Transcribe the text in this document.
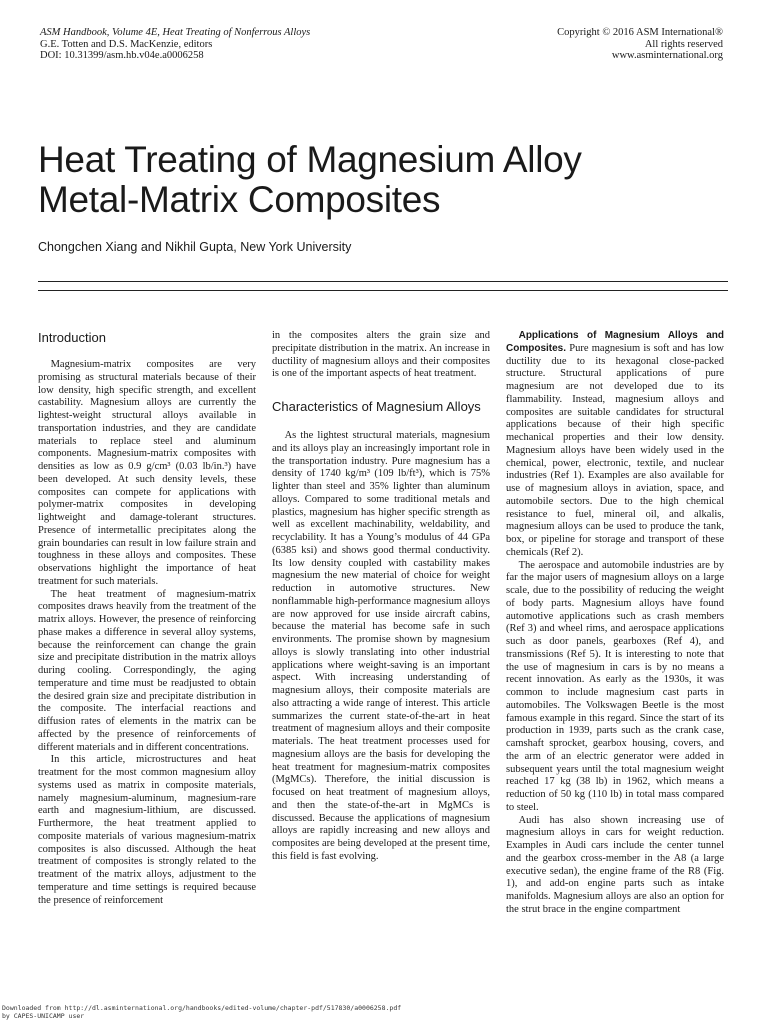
ASM Handbook, Volume 4E, Heat Treating of Nonferrous Alloys
G.E. Totten and D.S. MacKenzie, editors
DOI: 10.31399/asm.hb.v04e.a0006258
Copyright © 2016 ASM International®
All rights reserved
www.asminternational.org
Heat Treating of Magnesium Alloy
Metal-Matrix Composites
Chongchen Xiang and Nikhil Gupta, New York University
Introduction

Magnesium-matrix composites are very promising as structural materials because of their low density, high specific strength, and excellent castability. Magnesium alloys are currently the lightest-weight structural alloys available in transportation industries, and they are candidate materials to replace steel and aluminum components. Magnesium-matrix composites with densities as low as 0.9 g/cm³ (0.03 lb/in.³) have been developed. At such density levels, these composites can compete for applications with polymer-matrix composites in developing lightweight and damage-tolerant structures. Presence of intermetallic precipitates along the grain boundaries can result in low failure strain and toughness in these alloys and composites. These observations highlight the importance of heat treatment for such materials.

The heat treatment of magnesium-matrix composites draws heavily from the treatment of the matrix alloys. However, the presence of reinforcing phase makes a difference in several alloy systems, because the reinforcement can change the grain size and precipitate distribution in the matrix alloys during cooling. Correspondingly, the aging temperature and time must be readjusted to obtain the desired grain size and precipitate distribution in the composite. The interfacial reactions and diffusion rates of elements in the matrix can be affected by the presence of reinforcements of different materials and in different concentrations.

In this article, microstructures and heat treatment for the most common magnesium alloy systems used as matrix in composite materials, namely magnesium-aluminum, magnesium-rare earth and magnesium-lithium, are discussed. Furthermore, the heat treatment applied to composite materials of various magnesium-matrix composites is also discussed. Although the heat treatment of composites is strongly related to the treatment of the matrix alloys, adjustment to the temperature and time settings is required because the presence of reinforcement

in the composites alters the grain size and precipitate distribution in the matrix. An increase in ductility of magnesium alloys and their composites is one of the important aspects of heat treatment.

Characteristics of Magnesium Alloys

As the lightest structural materials, magnesium and its alloys play an increasingly important role in the transportation industry. Pure magnesium has a density of 1740 kg/m³ (109 lb/ft³), which is 75% lighter than steel and 35% lighter than aluminum alloys. Compared to some traditional metals and plastics, magnesium has higher specific strength as well as excellent machinability, weldability, and recyclability. It has a Young’s modulus of 44 GPa (6385 ksi) and shows good thermal conductivity. Its low density coupled with castability makes magnesium the new material of choice for weight reduction in automotive structures. New nonflammable high-performance magnesium alloys are now approved for use inside aircraft cabins, because the material has become safe in such environments. The promise shown by magnesium alloys is slowly translating into other industrial applications where weight-saving is an important aspect. With increasing understanding of magnesium alloys, their composite materials are also attracting a wide range of interest. This article summarizes the current state-of-the-art in heat treatment of magnesium alloys and their composite materials. The heat treatment processes used for magnesium alloys are the basis for developing the heat treatment for magnesium-matrix composites (MgMCs). Therefore, the initial discussion is focused on heat treatment of magnesium alloys, and then the state-of-the-art in MgMCs is discussed. Because the applications of magnesium alloys are rapidly increasing and new alloys and composites are being developed at the present time, this field is fast evolving.

Applications of Magnesium Alloys and Composites. Pure magnesium is soft and has low ductility due to its hexagonal close-packed structure. Structural applications of pure magnesium are not developed due to its flammability. Instead, magnesium alloys and composites are suitable candidates for structural applications because of their high specific mechanical properties and their low density. Magnesium alloys have been widely used in the chemical, power, electronic, textile, and nuclear industries (Ref 1). Examples are also available for use of magnesium alloys in aviation, space, and automobile sectors. Due to the high chemical resistance to fuel, mineral oil, and alkalis, magnesium alloys can be used to produce the tank, box, or pipeline for storage and transport of these chemicals (Ref 2).

The aerospace and automobile industries are by far the major users of magnesium alloys on a large scale, due to the possibility of reducing the weight of body parts. Magnesium alloys have found automotive applications such as crash members (Ref 3) and wheel rims, and aerospace applications such as door panels, gearboxes (Ref 4), and transmissions (Ref 5). It is interesting to note that the use of magnesium in cars is by no means a recent innovation. As early as the 1930s, it was common to include magnesium cast parts in automobiles. The Volkswagen Beetle is the most famous example in this regard. Since the start of its production in 1939, parts such as the crank case, camshaft sprocket, gearbox housing, covers, and the arm of an electric generator were added in subsequent years until the total magnesium weight reached 17 kg (38 lb) in 1962, which means a reduction of 50 kg (110 lb) in total mass compared to steel.

Audi has also shown increasing use of magnesium alloys in cars for weight reduction. Examples in Audi cars include the center tunnel and the gearbox cross-member in the A8 (a large executive sedan), the engine frame of the R8 (Fig. 1), and add-on engine parts such as intake manifolds. Magnesium alloys are also an option for the strut brace in the engine compartment

Downloaded from http://dl.asminternational.org/handbooks/edited-volume/chapter-pdf/517830/a0006258.pdf
by CAPES-UNICAMP user
